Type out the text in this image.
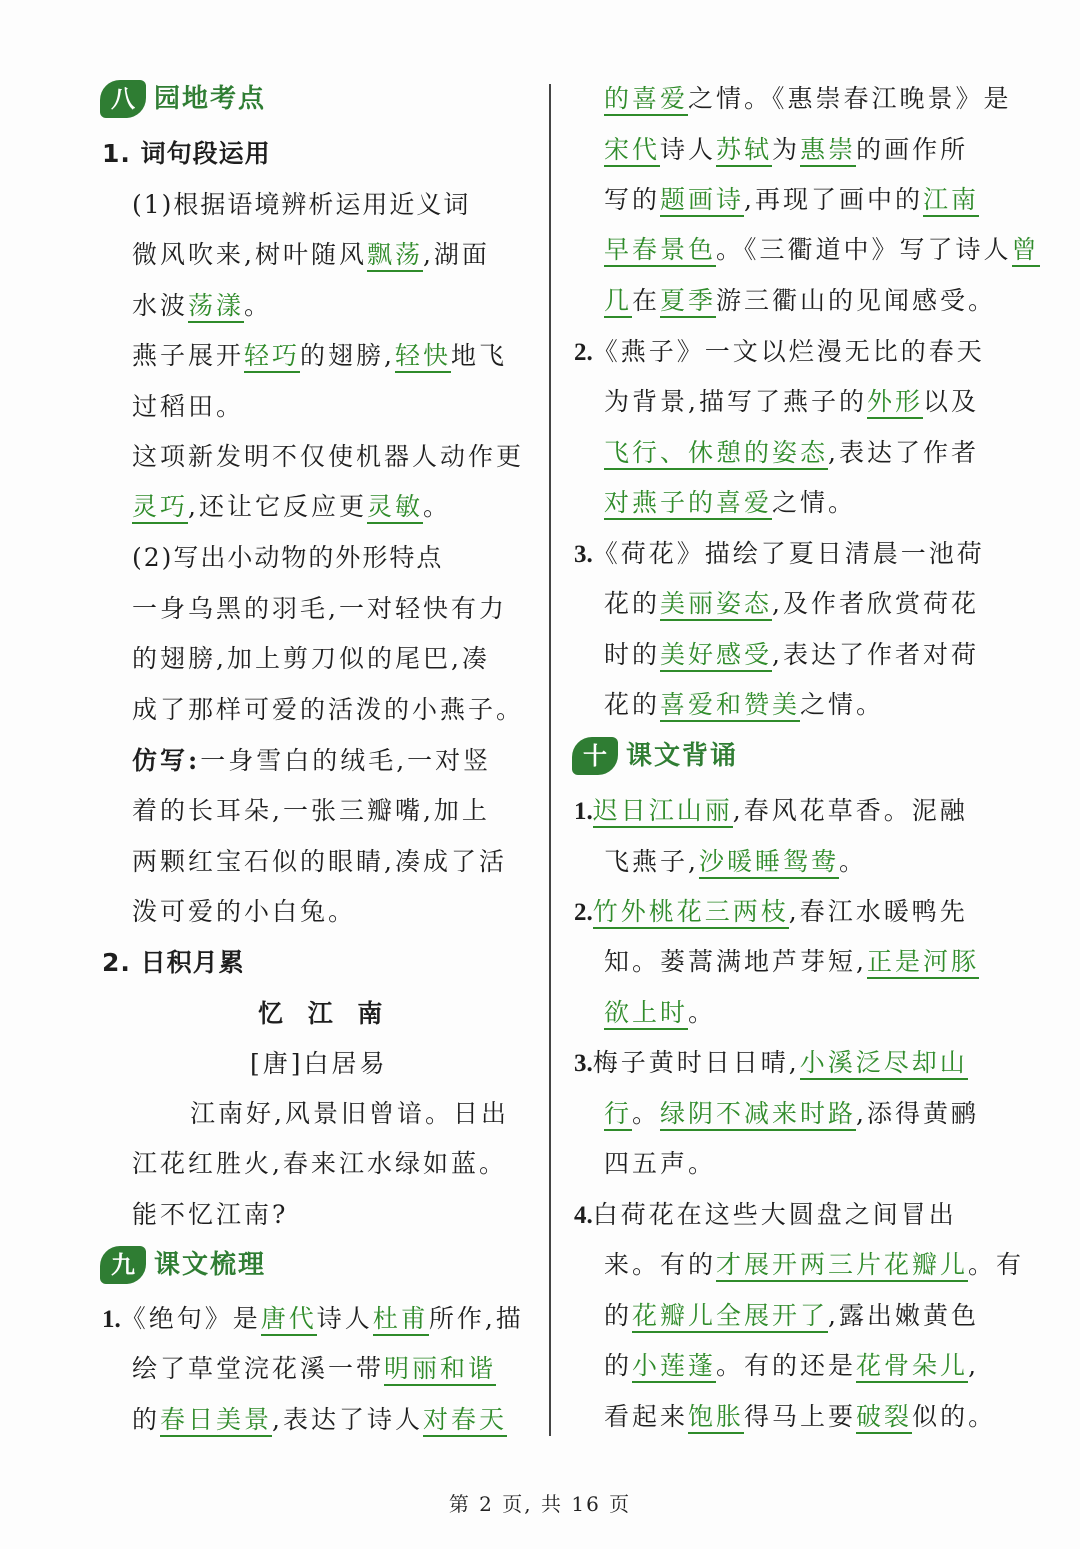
八 园地考点
1. 词句段运用
(1)根据语境辨析运用近义词
微风吹来,树叶随风飘荡,湖面
水波荡漾。
燕子展开轻巧的翅膀,轻快地飞
过稻田。
这项新发明不仅使机器人动作更
灵巧,还让它反应更灵敏。
(2)写出小动物的外形特点
一身乌黑的羽毛,一对轻快有力
的翅膀,加上剪刀似的尾巴,凑
成了那样可爱的活泼的小燕子。
仿写:一身雪白的绒毛,一对竖
着的长耳朵,一张三瓣嘴,加上
两颗红宝石似的眼睛,凑成了活
泼可爱的小白兔。
2. 日积月累
忆 江 南
[唐]白居易
江南好,风景旧曾谙。日出
江花红胜火,春来江水绿如蓝。
能不忆江南?
九 课文梳理
1.《绝句》是唐代诗人杜甫所作,描
绘了草堂浣花溪一带明丽和谐
的春日美景,表达了诗人对春天
的喜爱之情。《惠崇春江晚景》是
宋代诗人苏轼为惠崇的画作所
写的题画诗,再现了画中的江南
早春景色。《三衢道中》写了诗人曾
几在夏季游三衢山的见闻感受。
2.《燕子》一文以烂漫无比的春天
为背景,描写了燕子的外形以及
飞行、休憩的姿态,表达了作者
对燕子的喜爱之情。
3.《荷花》描绘了夏日清晨一池荷
花的美丽姿态,及作者欣赏荷花
时的美好感受,表达了作者对荷
花的喜爱和赞美之情。
十 课文背诵
1.迟日江山丽,春风花草香。泥融
飞燕子,沙暖睡鸳鸯。
2.竹外桃花三两枝,春江水暖鸭先
知。蒌蒿满地芦芽短,正是河豚
欲上时。
3.梅子黄时日日晴,小溪泛尽却山
行。绿阴不减来时路,添得黄鹂
四五声。
4.白荷花在这些大圆盘之间冒出
来。有的才展开两三片花瓣儿。有
的花瓣儿全展开了,露出嫩黄色
的小莲蓬。有的还是花骨朵儿,
看起来饱胀得马上要破裂似的。
第 2 页, 共 16 页
